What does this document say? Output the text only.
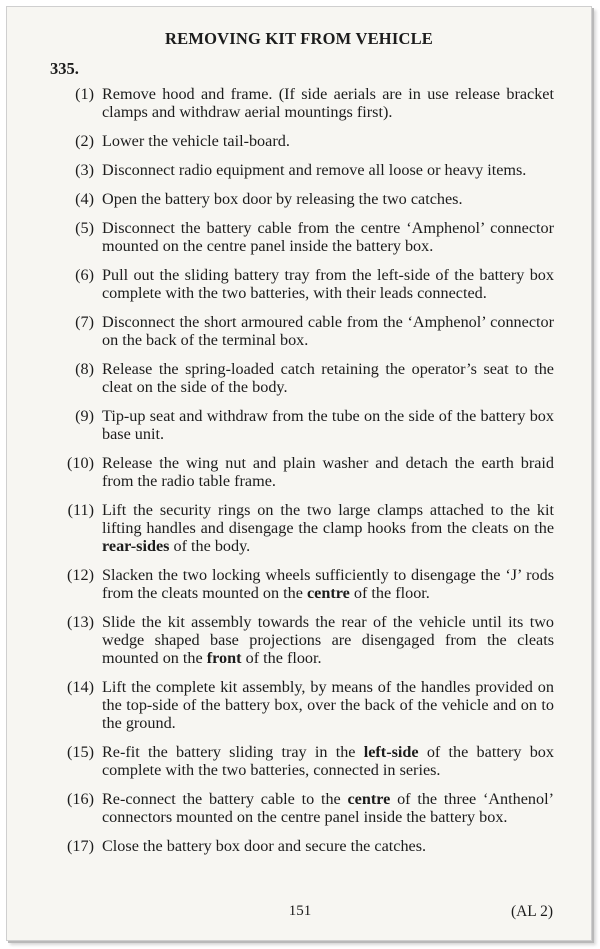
REMOVING KIT FROM VEHICLE
335.
(1) Remove hood and frame. (If side aerials are in use release bracket clamps and withdraw aerial mountings first).
(2) Lower the vehicle tail-board.
(3) Disconnect radio equipment and remove all loose or heavy items.
(4) Open the battery box door by releasing the two catches.
(5) Disconnect the battery cable from the centre ‘Amphenol’ connector mounted on the centre panel inside the battery box.
(6) Pull out the sliding battery tray from the left-side of the battery box complete with the two batteries, with their leads connected.
(7) Disconnect the short armoured cable from the ‘Amphenol’ connector on the back of the terminal box.
(8) Release the spring-loaded catch retaining the operator’s seat to the cleat on the side of the body.
(9) Tip-up seat and withdraw from the tube on the side of the battery box base unit.
(10) Release the wing nut and plain washer and detach the earth braid from the radio table frame.
(11) Lift the security rings on the two large clamps attached to the kit lifting handles and disengage the clamp hooks from the cleats on the rear-sides of the body.
(12) Slacken the two locking wheels sufficiently to disengage the ‘J’ rods from the cleats mounted on the centre of the floor.
(13) Slide the kit assembly towards the rear of the vehicle until its two wedge shaped base projections are disengaged from the cleats mounted on the front of the floor.
(14) Lift the complete kit assembly, by means of the handles provided on the top-side of the battery box, over the back of the vehicle and on to the ground.
(15) Re-fit the battery sliding tray in the left-side of the battery box complete with the two batteries, connected in series.
(16) Re-connect the battery cable to the centre of the three ‘Anthenol’ connectors mounted on the centre panel inside the battery box.
(17) Close the battery box door and secure the catches.
151	(AL 2)
